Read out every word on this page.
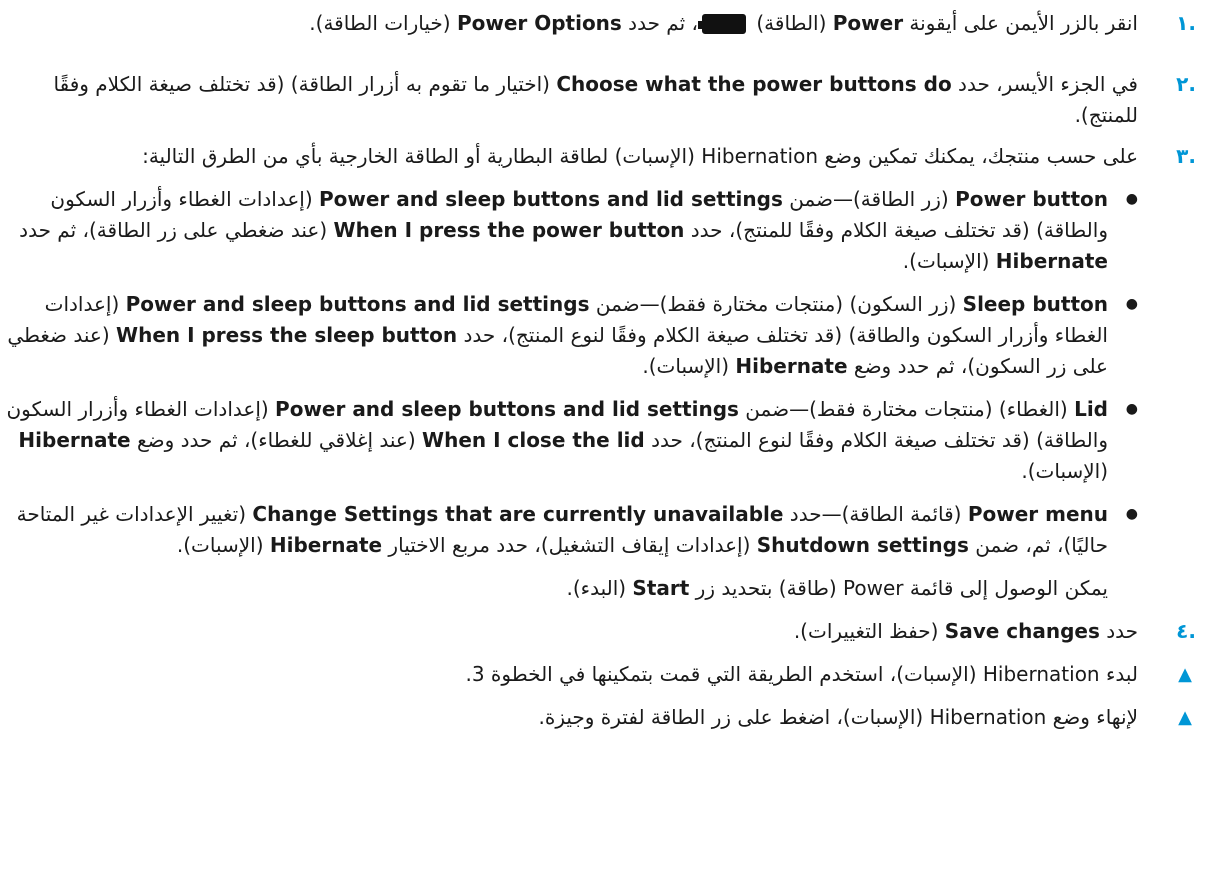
.١
انقر بالزر الأيمن على أيقونة Power (الطاقة) ، ثم حدد Power Options (خيارات الطاقة).
.٢
في الجزء الأيسر، حدد Choose what the power buttons do (اختيار ما تقوم به أزرار الطاقة) (قد تختلف صيغة الكلام وفقًا للمنتج).
.٣
على حسب منتجك، يمكنك تمكين وضع Hibernation (الإسبات) لطاقة البطارية أو الطاقة الخارجية بأي من الطرق التالية:
●
Power button (زر الطاقة)—ضمن Power and sleep buttons and lid settings (إعدادات الغطاء وأزرار السكون والطاقة) (قد تختلف صيغة الكلام وفقًا للمنتج)، حدد When I press the power button (عند ضغطي على زر الطاقة)، ثم حدد Hibernate (الإسبات).
●
Sleep button (زر السكون) (منتجات مختارة فقط)—ضمن Power and sleep buttons and lid settings (إعدادات الغطاء وأزرار السكون والطاقة) (قد تختلف صيغة الكلام وفقًا لنوع المنتج)، حدد When I press the sleep button (عند ضغطي على زر السكون)، ثم حدد وضع Hibernate (الإسبات).
●
Lid (الغطاء) (منتجات مختارة فقط)—ضمن Power and sleep buttons and lid settings (إعدادات الغطاء وأزرار السكون والطاقة) (قد تختلف صيغة الكلام وفقًا لنوع المنتج)، حدد When I close the lid (عند إغلاقي للغطاء)، ثم حدد وضع Hibernate (الإسبات).
●
Power menu (قائمة الطاقة)—حدد Change Settings that are currently unavailable (تغيير الإعدادات غير المتاحة حاليًا)، ثم، ضمن Shutdown settings (إعدادات إيقاف التشغيل)، حدد مربع الاختيار Hibernate (الإسبات).
يمكن الوصول إلى قائمة Power (طاقة) بتحديد زر Start (البدء).
.٤
حدد Save changes (حفظ التغييرات).
▲
لبدء Hibernation (الإسبات)، استخدم الطريقة التي قمت بتمكينها في الخطوة 3.
▲
لإنهاء وضع Hibernation (الإسبات)، اضغط على زر الطاقة لفترة وجيزة.
